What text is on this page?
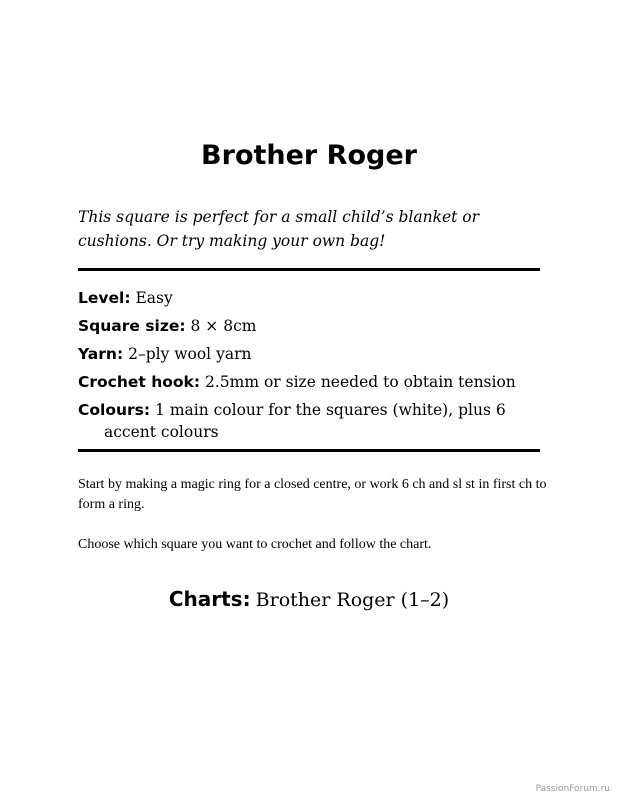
Brother Roger

This square is perfect for a small child’s blanket or cushions. Or try making your own bag!

Level: Easy
Square size: 8 × 8cm
Yarn: 2–ply wool yarn
Crochet hook: 2.5mm or size needed to obtain tension
Colours: 1 main colour for the squares (white), plus 6 accent colours

Start by making a magic ring for a closed centre, or work 6 ch and sl st in first ch to form a ring.

Choose which square you want to crochet and follow the chart.

Charts: Brother Roger (1–2)

PassionForum.ru
